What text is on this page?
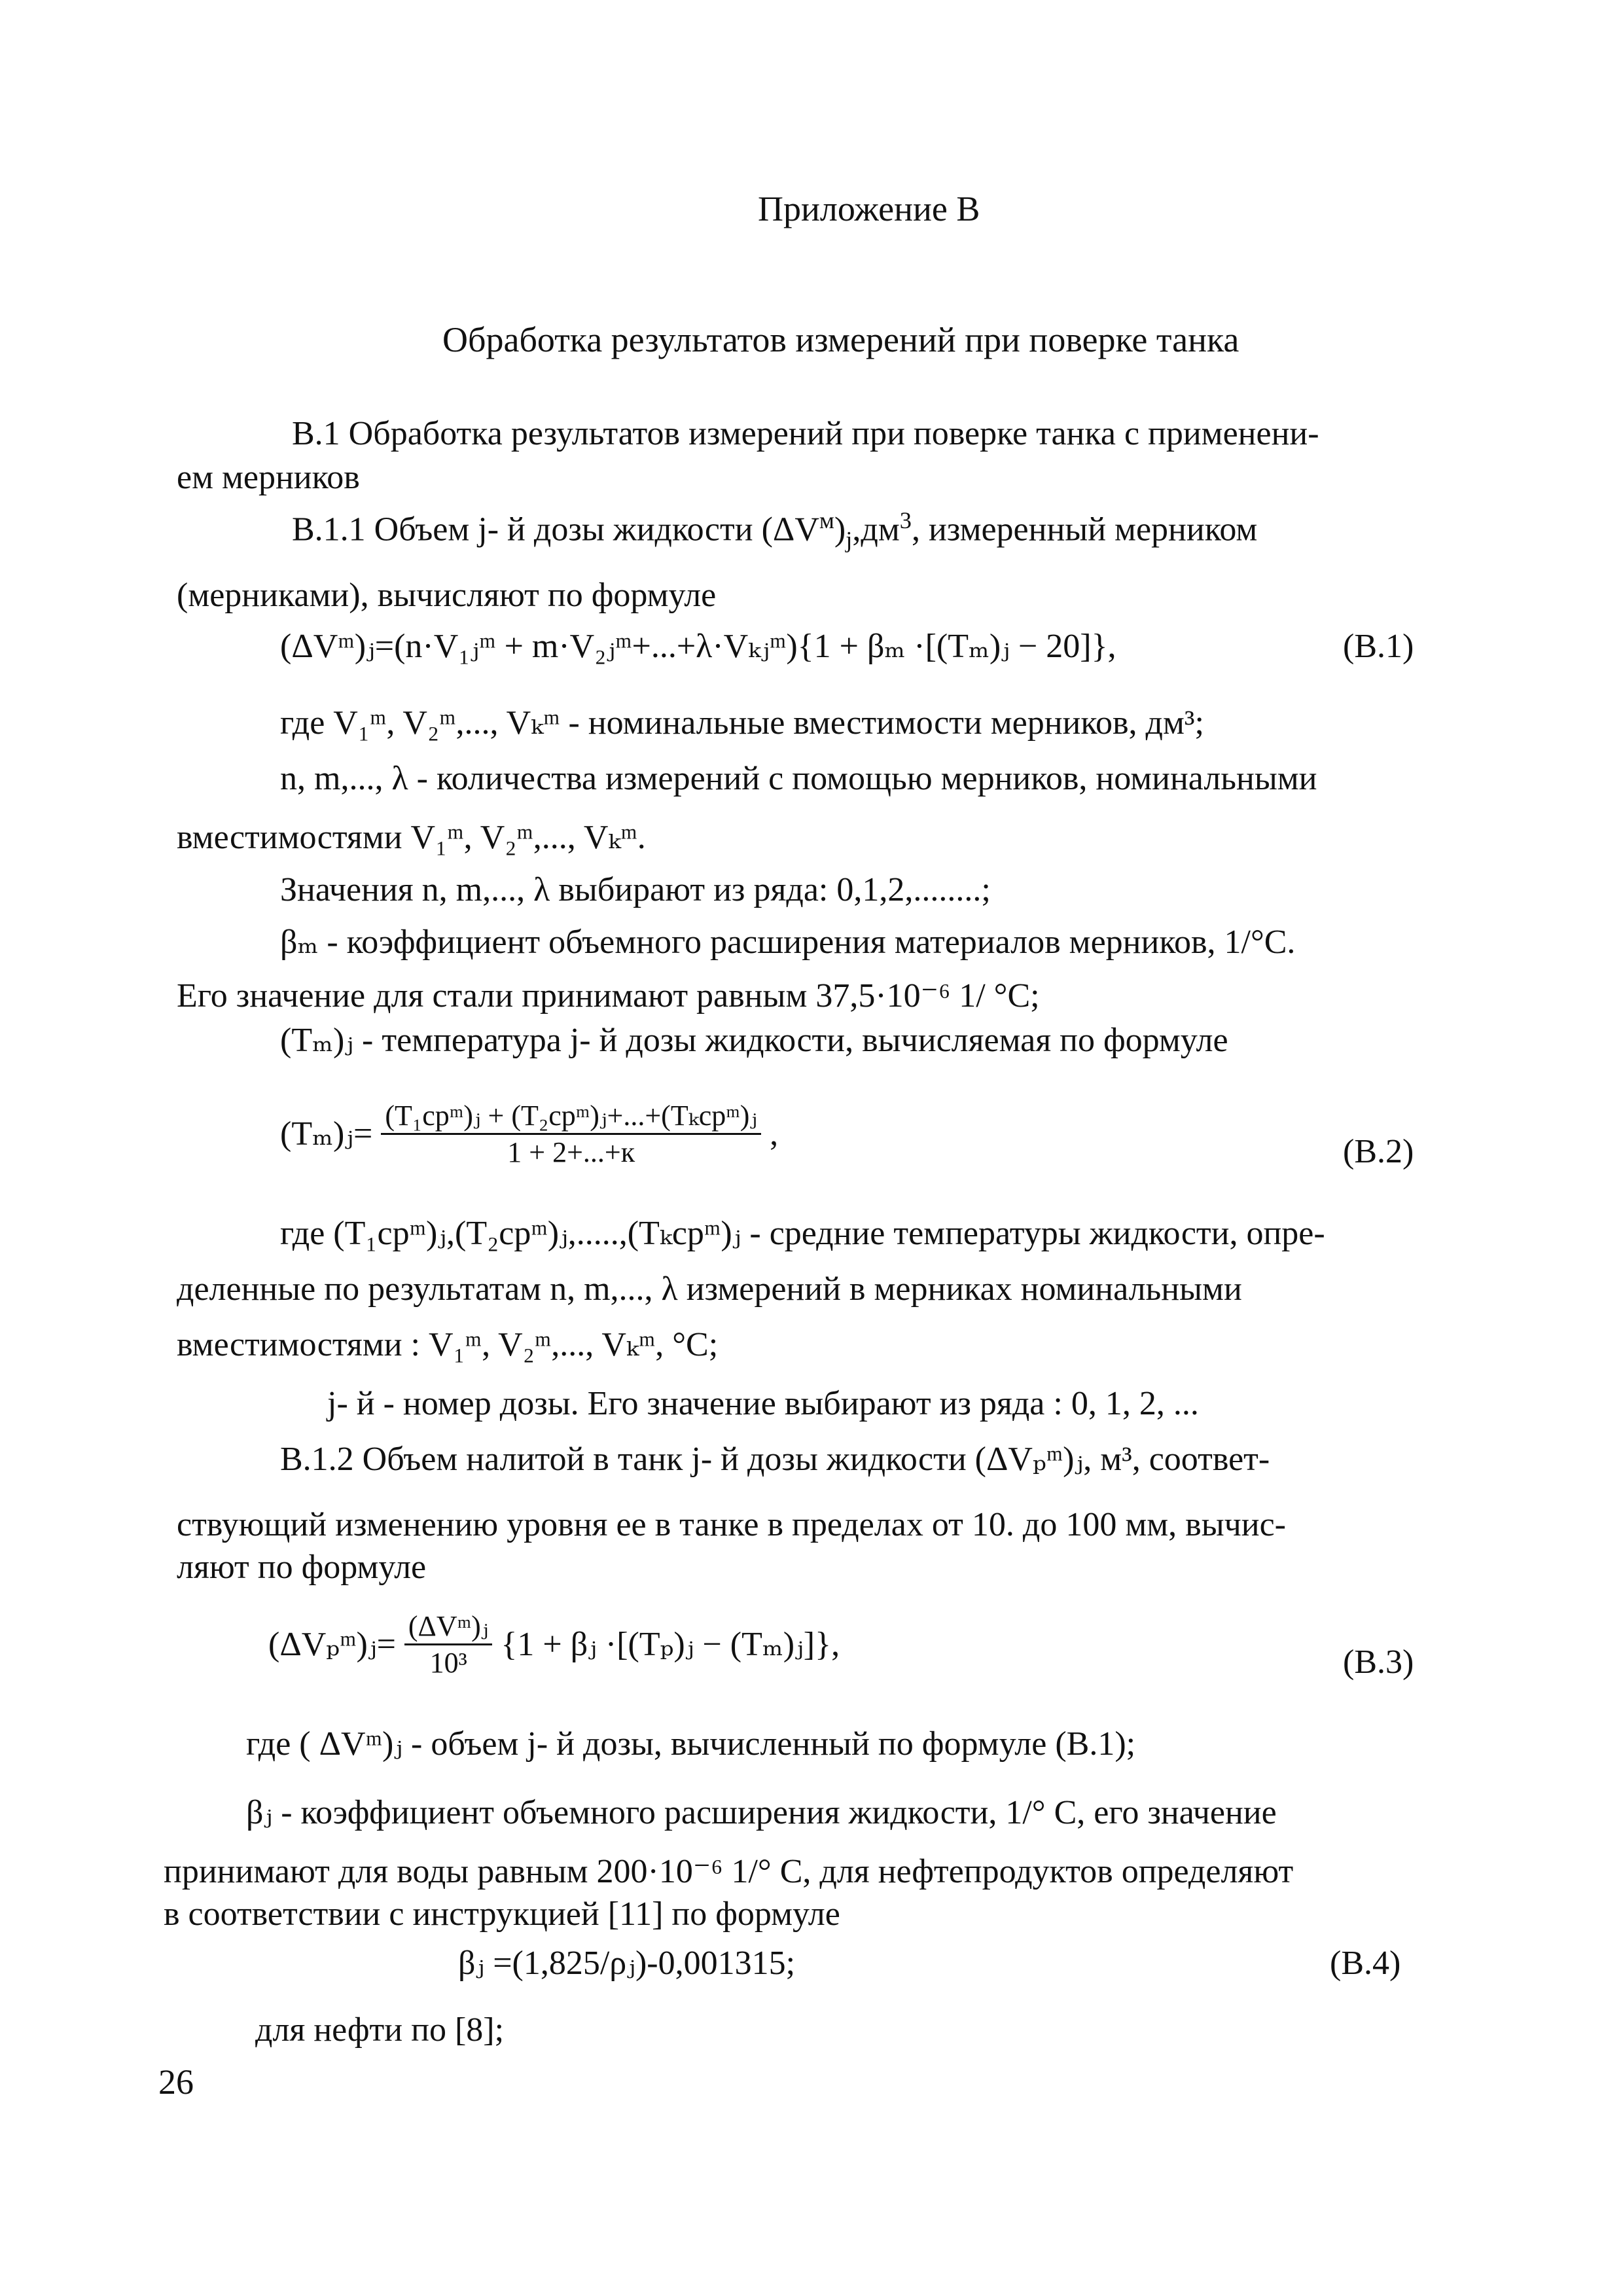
Приложение В
Обработка результатов измерений при поверке танка
В.1 Обработка результатов измерений при поверке танка с применени-
ем мерников
В.1.1 Объем j- й дозы жидкости $(\Delta V^м)_j,дм^3$, измеренный мерником
(мерниками), вычисляют по формуле
(ΔVᵐ)ⱼ=(n·V₁ⱼᵐ + m·V₂ⱼᵐ+...+λ·Vₖⱼᵐ){1 + βₘ ·[(Tₘ)ⱼ − 20]},	(В.1)
где V₁ᵐ, V₂ᵐ,..., Vₖᵐ - номинальные вместимости мерников, дм³;
n, m,..., λ - количества измерений с помощью мерников, номинальными
вместимостями V₁ᵐ, V₂ᵐ,..., Vₖᵐ.
Значения n, m,..., λ выбирают из ряда: 0,1,2,........;
βₘ - коэффициент объемного расширения материалов мерников, 1/°С.
Его значение для стали принимают равным 37,5·10⁻⁶ 1/ °С;
(Tₘ)ⱼ - температура j- й дозы жидкости, вычисляемая по формуле
(Tₘ)ⱼ= $\frac{\text{(T₁срᵐ)ⱼ + (T₂срᵐ)ⱼ+...+(Tₖсрᵐ)ⱼ}}{1 + 2+...+к}$ ,	(В.2)
где (T₁срᵐ)ⱼ,(T₂срᵐ)ⱼ,.....,(Tₖсрᵐ)ⱼ - средние температуры жидкости, опре-
деленные по результатам n, m,..., λ измерений в мерниках номинальными
вместимостями : V₁ᵐ, V₂ᵐ,..., Vₖᵐ, °С;
j- й - номер дозы. Его значение выбирают из ряда : 0, 1, 2, ...
В.1.2 Объем налитой в танк j- й дозы жидкости (ΔVₚᵐ)ⱼ, м³, соответ-
ствующий изменению уровня ее в танке в пределах от 10. до 100 мм, вычис-
ляют по формуле
(ΔVₚᵐ)ⱼ= $\frac{\text{(ΔVᵐ)ⱼ}}{\text{10³}} \{1$ + βⱼ ·[(Tₚ)ⱼ − (Tₘ)ⱼ]},	(В.3)
где ( ΔVᵐ)ⱼ - объем j- й дозы, вычисленный по формуле (В.1);
βⱼ - коэффициент объемного расширения жидкости, 1/° С, его значение
принимают для воды равным 200·10⁻⁶ 1/° С, для нефтепродуктов определяют
в соответствии с инструкцией [11] по формуле
βⱼ =(1,825/ρⱼ)-0,001315;	(В.4)
для нефти по [8];
26
